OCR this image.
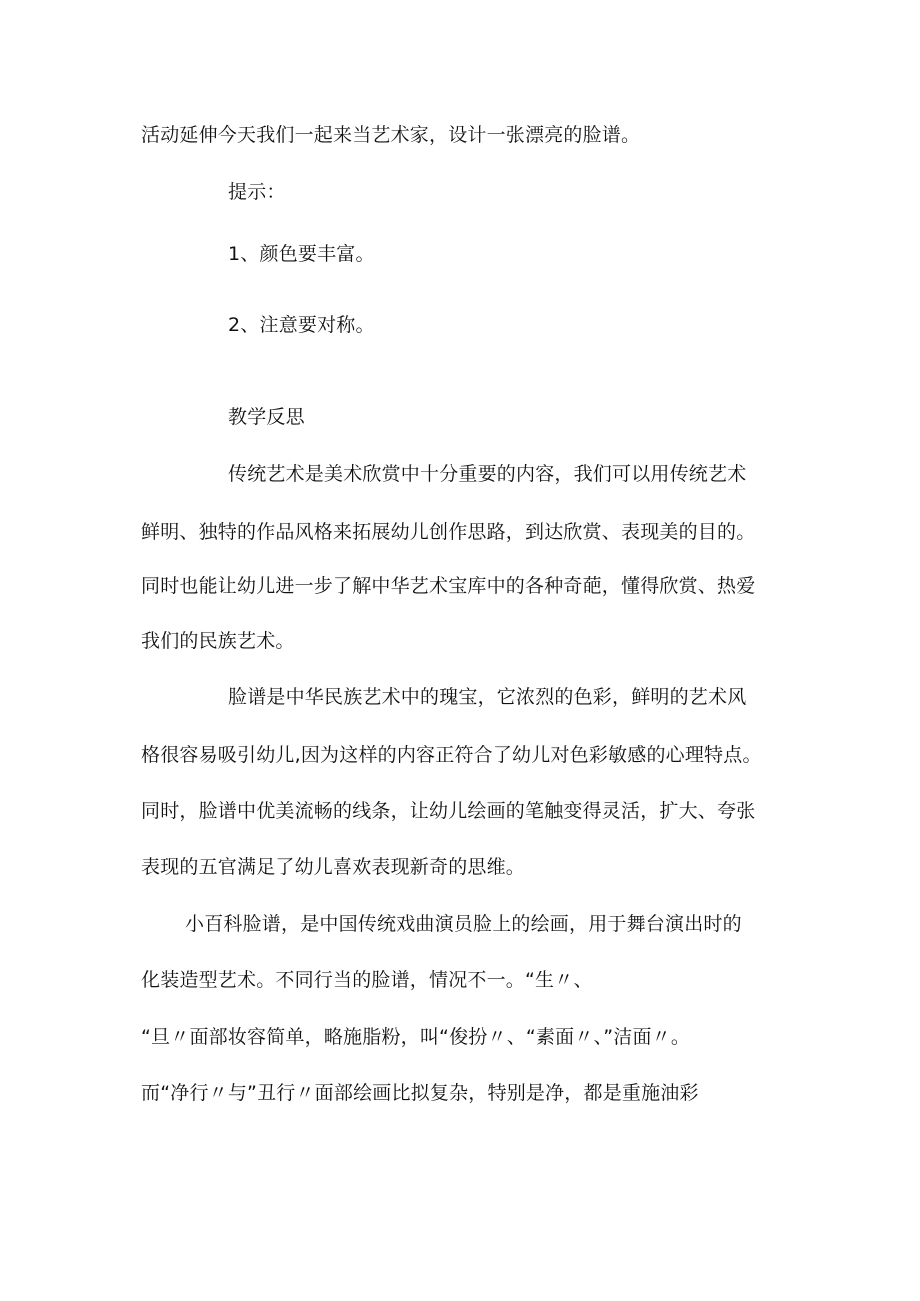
活动延伸今天我们一起来当艺术家，设计一张漂亮的脸谱。
提示：
1、颜色要丰富。
2、注意要对称。
教学反思
传统艺术是美术欣赏中十分重要的内容，我们可以用传统艺术
鲜明、独特的作品风格来拓展幼儿创作思路，到达欣赏、表现美的目的。
同时也能让幼儿进一步了解中华艺术宝库中的各种奇葩，懂得欣赏、热爱
我们的民族艺术。
脸谱是中华民族艺术中的瑰宝，它浓烈的色彩，鲜明的艺术风
格很容易吸引幼儿,因为这样的内容正符合了幼儿对色彩敏感的心理特点。
同时，脸谱中优美流畅的线条，让幼儿绘画的笔触变得灵活，扩大、夸张
表现的五官满足了幼儿喜欢表现新奇的思维。
小百科脸谱，是中国传统戏曲演员脸上的绘画，用于舞台演出时的
化装造型艺术。不同行当的脸谱，情况不一。“生〃、
“旦〃面部妆容简单，略施脂粉，叫“俊扮〃、“素面〃、”洁面〃。
而“净行〃与”丑行〃面部绘画比拟复杂，特别是净，都是重施油彩
